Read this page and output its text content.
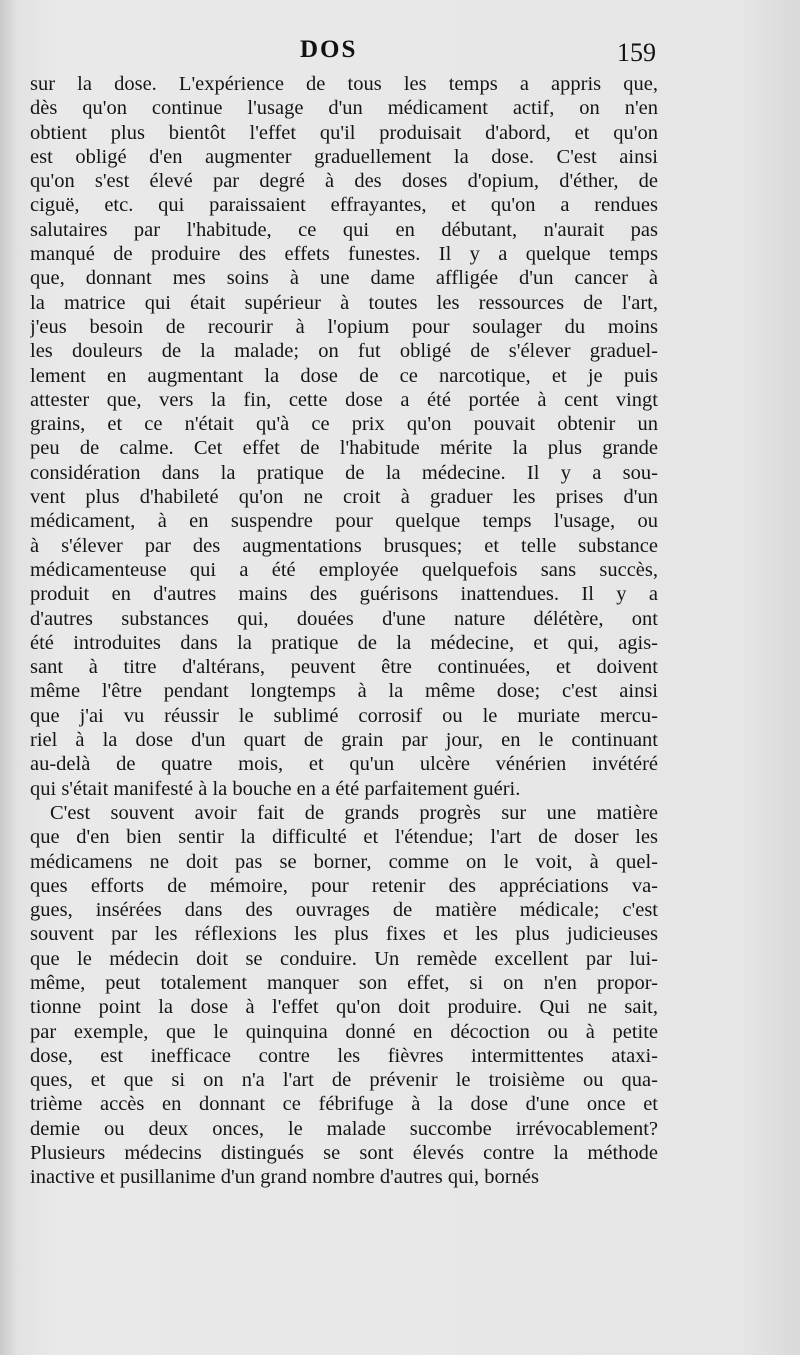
DOS	159
sur la dose. L'expérience de tous les temps a appris que,
dès qu'on continue l'usage d'un médicament actif, on n'en
obtient plus bientôt l'effet qu'il produisait d'abord, et qu'on
est obligé d'en augmenter graduellement la dose. C'est ainsi
qu'on s'est élevé par degré à des doses d'opium, d'éther, de
ciguë, etc. qui paraissaient effrayantes, et qu'on a rendues
salutaires par l'habitude, ce qui en débutant, n'aurait pas
manqué de produire des effets funestes. Il y a quelque temps
que, donnant mes soins à une dame affligée d'un cancer à
la matrice qui était supérieur à toutes les ressources de l'art,
j'eus besoin de recourir à l'opium pour soulager du moins
les douleurs de la malade; on fut obligé de s'élever graduel-
lement en augmentant la dose de ce narcotique, et je puis
attester que, vers la fin, cette dose a été portée à cent vingt
grains, et ce n'était qu'à ce prix qu'on pouvait obtenir un
peu de calme. Cet effet de l'habitude mérite la plus grande
considération dans la pratique de la médecine. Il y a sou-
vent plus d'habileté qu'on ne croit à graduer les prises d'un
médicament, à en suspendre pour quelque temps l'usage, ou
à s'élever par des augmentations brusques; et telle substance
médicamenteuse qui a été employée quelquefois sans succès,
produit en d'autres mains des guérisons inattendues. Il y a
d'autres substances qui, douées d'une nature délétère, ont
été introduites dans la pratique de la médecine, et qui, agis-
sant à titre d'altérans, peuvent être continuées, et doivent
même l'être pendant longtemps à la même dose; c'est ainsi
que j'ai vu réussir le sublimé corrosif ou le muriate mercu-
riel à la dose d'un quart de grain par jour, en le continuant
au-delà de quatre mois, et qu'un ulcère vénérien invétéré
qui s'était manifesté à la bouche en a été parfaitement guéri.
C'est souvent avoir fait de grands progrès sur une matière
que d'en bien sentir la difficulté et l'étendue; l'art de doser les
médicamens ne doit pas se borner, comme on le voit, à quel-
ques efforts de mémoire, pour retenir des appréciations va-
gues, insérées dans des ouvrages de matière médicale; c'est
souvent par les réflexions les plus fixes et les plus judicieuses
que le médecin doit se conduire. Un remède excellent par lui-
même, peut totalement manquer son effet, si on n'en propor-
tionne point la dose à l'effet qu'on doit produire. Qui ne sait,
par exemple, que le quinquina donné en décoction ou à petite
dose, est inefficace contre les fièvres intermittentes ataxi-
ques, et que si on n'a l'art de prévenir le troisième ou qua-
trième accès en donnant ce fébrifuge à la dose d'une once et
demie ou deux onces, le malade succombe irrévocablement?
Plusieurs médecins distingués se sont élevés contre la méthode
inactive et pusillanime d'un grand nombre d'autres qui, bornés
